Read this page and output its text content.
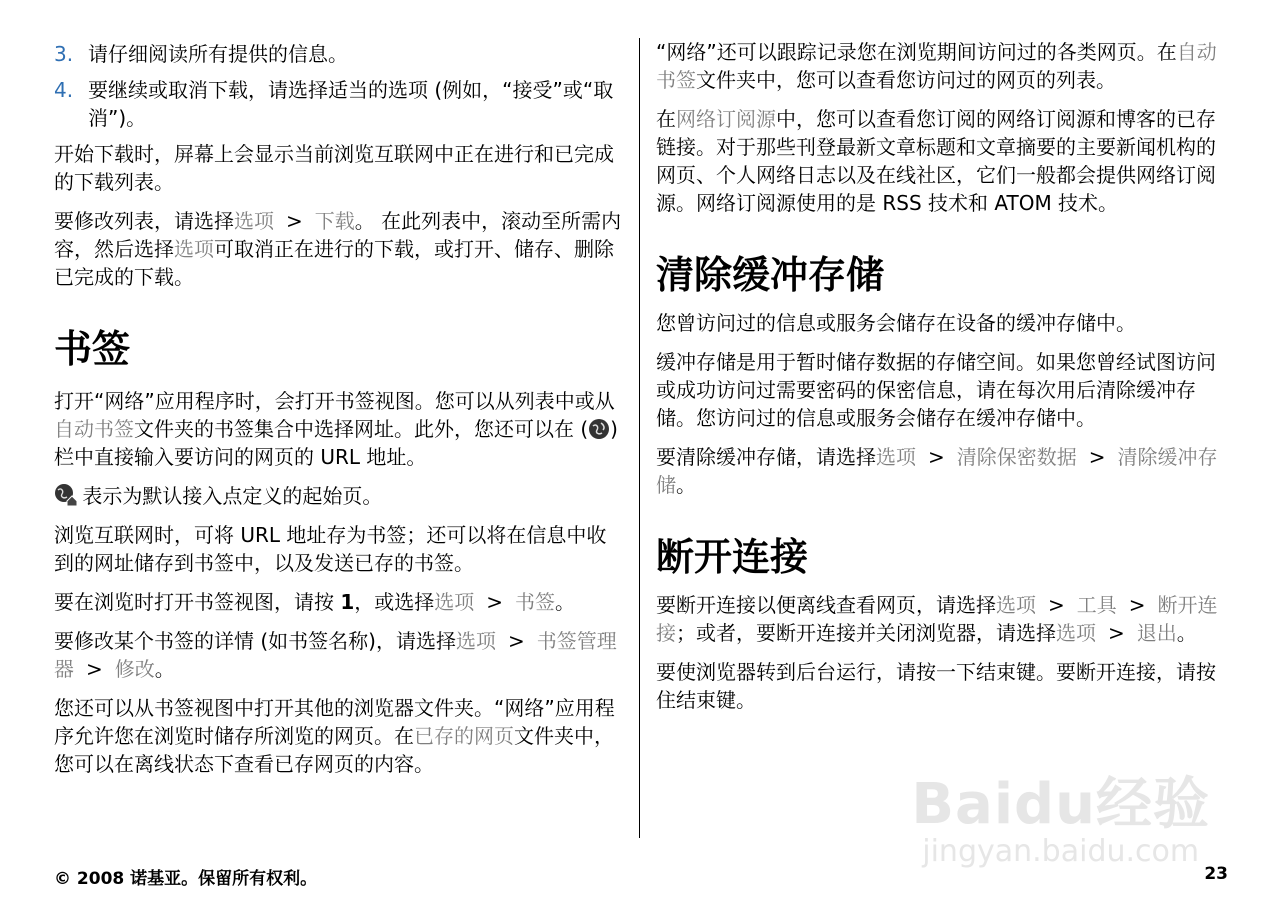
3. 请仔细阅读所有提供的信息。
4. 要继续或取消下载，请选择适当的选项 (例如，“接受”或“取消”)。

开始下载时，屏幕上会显示当前浏览互联网中正在进行和已完成的下载列表。

要修改列表，请选择选项 > 下载。 在此列表中，滚动至所需内容，然后选择选项可取消正在进行的下载，或打开、储存、删除已完成的下载。

书签

打开“网络”应用程序时，会打开书签视图。您可以从列表中或从自动书签文件夹的书签集合中选择网址。此外，您还可以在 ( ) 栏中直接输入要访问的网页的 URL 地址。

表示为默认接入点定义的起始页。

浏览互联网时，可将 URL 地址存为书签；还可以将在信息中收到的网址储存到书签中，以及发送已存的书签。

要在浏览时打开书签视图，请按 1，或选择选项 > 书签。

要修改某个书签的详情 (如书签名称)，请选择选项 > 书签管理器 > 修改。

您还可以从书签视图中打开其他的浏览器文件夹。“网络”应用程序允许您在浏览时储存所浏览的网页。在已存的网页文件夹中，您可以在离线状态下查看已存网页的内容。

“网络”还可以跟踪记录您在浏览期间访问过的各类网页。在自动书签文件夹中，您可以查看您访问过的网页的列表。

在网络订阅源中，您可以查看您订阅的网络订阅源和博客的已存链接。对于那些刊登最新文章标题和文章摘要的主要新闻机构的网页、个人网络日志以及在线社区，它们一般都会提供网络订阅源。网络订阅源使用的是 RSS 技术和 ATOM 技术。

清除缓冲存储

您曾访问过的信息或服务会储存在设备的缓冲存储中。

缓冲存储是用于暂时储存数据的存储空间。如果您曾经试图访问或成功访问过需要密码的保密信息，请在每次用后清除缓冲存储。您访问过的信息或服务会储存在缓冲存储中。

要清除缓冲存储，请选择选项 > 清除保密数据 > 清除缓冲存储。

断开连接

要断开连接以便离线查看网页，请选择选项 > 工具 > 断开连接；或者，要断开连接并关闭浏览器，请选择选项 > 退出。

要使浏览器转到后台运行，请按一下结束键。要断开连接，请按住结束键。

Baidu经验
jingyan.baidu.com
© 2008 诺基亚。保留所有权利。	23
